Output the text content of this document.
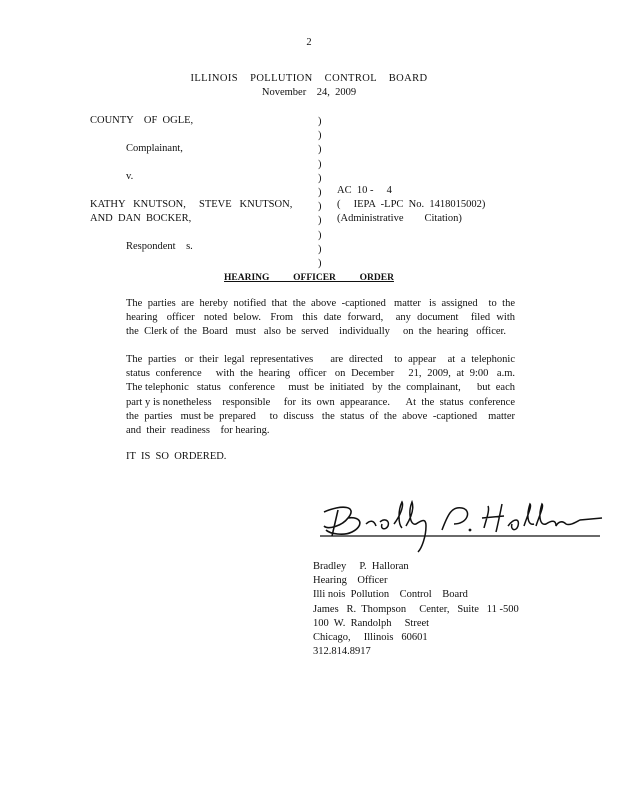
2
ILLINOIS    POLLUTION    CONTROL    BOARD
November    24,  2009
COUNTY    OF  OGLE,
Complainant,
v.
KATHY   KNUTSON,     STEVE   KNUTSON,
AND  DAN  BOCKER,
Respondent    s.
)
)
)
)
)
)
)
)
)
)
)
AC  10 -     4
(     IEPA  -LPC  No.  1418015002)
(Administrative        Citation)
HEARING          OFFICER          ORDER
The  parties  are  hereby  notified  that  the  above  -captioned   matter   is  assigned    to  the hearing   officer   noted  below.   From   this  date  forward,    any  document    filed  with  the  Clerk of  the  Board   must   also  be  served    individually     on  the  hearing   officer.
The  parties   or  their  legal  representatives      are  directed    to  appear    at  a  telephonic status  conference     with  the  hearing   officer   on  December     21,  2009,  at  9:00   a.m.  The telephonic   status   conference     must  be  initiated   by  the  complainant,      but  each   part y is nonetheless    responsible     for  its  own  appearance.      At  the  status  conference     the  parties   must be  prepared     to  discuss   the  status  of  the  above  -captioned    matter    and  their  readiness    for hearing.
IT  IS  SO  ORDERED.
Bradley     P.  Halloran
Hearing    Officer
Illi nois  Pollution    Control    Board
James   R.  Thompson     Center,   Suite   11 -500
100  W.  Randolph     Street
Chicago,     Illinois   60601
312.814.8917
